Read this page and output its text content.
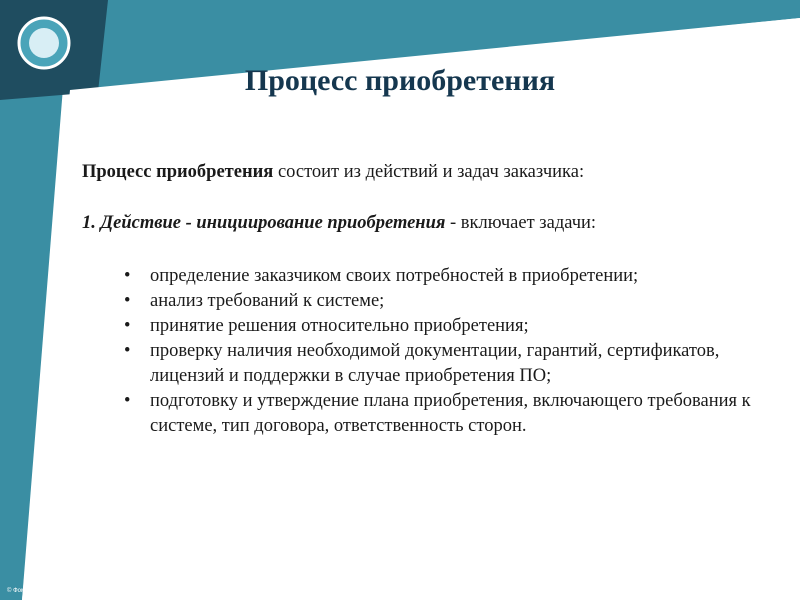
Процесс приобретения

Процесс приобретения состоит из действий и задач заказчика:

1. Действие - инициирование приобретения - включает задачи:

• определение заказчиком своих потребностей в приобретении;
• анализ требований к системе;
• принятие решения относительно приобретения;
• проверку наличия необходимой документации, гарантий, сертификатов, лицензий и поддержки в случае приобретения ПО;
• подготовку и утверждение плана приобретения, включающего требования к системе, тип договора, ответственность сторон.
© Фомин Задача Петровна
